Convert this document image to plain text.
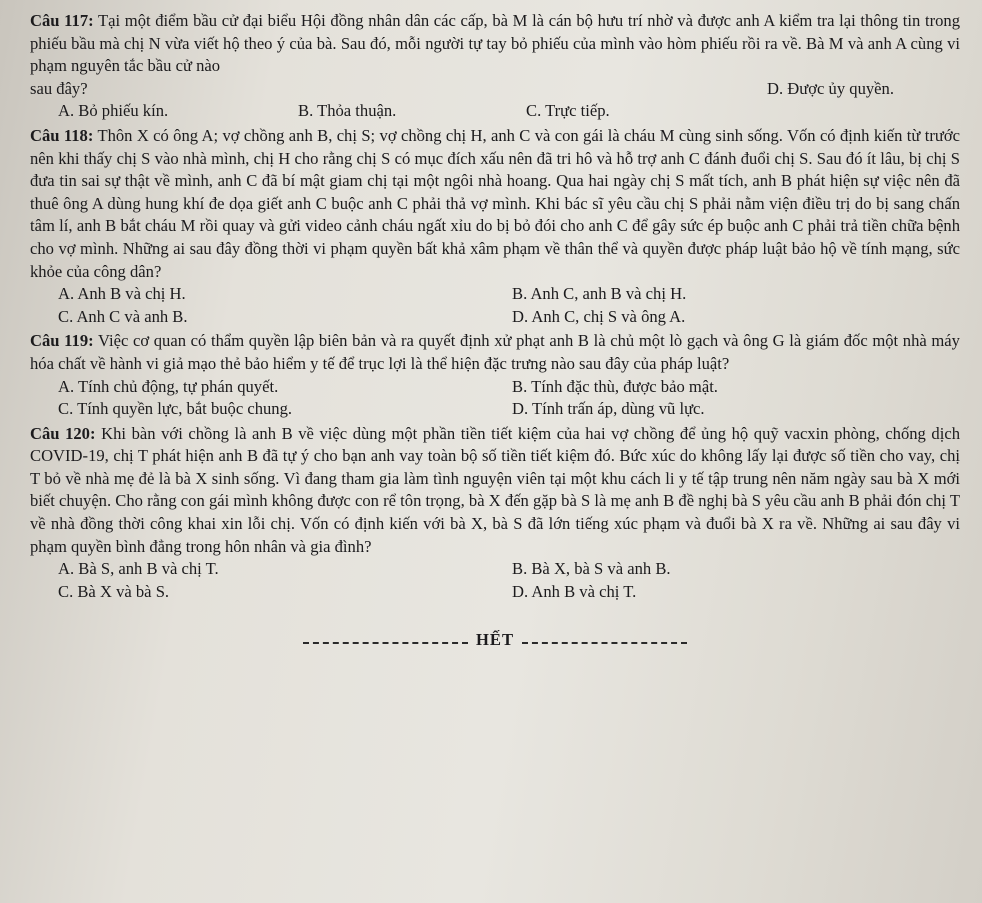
Câu 117: Tại một điểm bầu cử đại biểu Hội đồng nhân dân các cấp, bà M là cán bộ hưu trí nhờ và được anh A kiểm tra lại thông tin trong phiếu bầu mà chị N vừa viết hộ theo ý của bà. Sau đó, mỗi người tự tay bỏ phiếu của mình vào hòm phiếu rồi ra về. Bà M và anh A cùng vi phạm nguyên tắc bầu cử nào

sau đây?	D. Được ủy quyền.
A. Bỏ phiếu kín.	B. Thỏa thuận.	C. Trực tiếp.

Câu 118: Thôn X có ông A; vợ chồng anh B, chị S; vợ chồng chị H, anh C và con gái là cháu M cùng sinh sống. Vốn có định kiến từ trước nên khi thấy chị S vào nhà mình, chị H cho rằng chị S có mục đích xấu nên đã tri hô và hỗ trợ anh C đánh đuổi chị S. Sau đó ít lâu, bị chị S đưa tin sai sự thật về mình, anh C đã bí mật giam chị tại một ngôi nhà hoang. Qua hai ngày chị S mất tích, anh B phát hiện sự việc nên đã thuê ông A dùng hung khí đe dọa giết anh C buộc anh C phải thả vợ mình. Khi bác sĩ yêu cầu chị S phải nằm viện điều trị do bị sang chấn tâm lí, anh B bắt cháu M rồi quay và gửi video cảnh cháu ngất xỉu do bị bỏ đói cho anh C để gây sức ép buộc anh C phải trả tiền chữa bệnh cho vợ mình. Những ai sau đây đồng thời vi phạm quyền bất khả xâm phạm về thân thể và quyền được pháp luật bảo hộ về tính mạng, sức khỏe của công dân?

A. Anh B và chị H.	B. Anh C, anh B và chị H.
C. Anh C và anh B.	D. Anh C, chị S và ông A.

Câu 119: Việc cơ quan có thẩm quyền lập biên bản và ra quyết định xử phạt anh B là chủ một lò gạch và ông G là giám đốc một nhà máy hóa chất về hành vi giả mạo thẻ bảo hiểm y tế để trục lợi là thể hiện đặc trưng nào sau đây của pháp luật?

A. Tính chủ động, tự phán quyết.	B. Tính đặc thù, được bảo mật.
C. Tính quyền lực, bắt buộc chung.	D. Tính trấn áp, dùng vũ lực.

Câu 120: Khi bàn với chồng là anh B về việc dùng một phần tiền tiết kiệm của hai vợ chồng để ủng hộ quỹ vacxin phòng, chống dịch COVID-19, chị T phát hiện anh B đã tự ý cho bạn anh vay toàn bộ số tiền tiết kiệm đó. Bức xúc do không lấy lại được số tiền cho vay, chị T bỏ về nhà mẹ đẻ là bà X sinh sống. Vì đang tham gia làm tình nguyện viên tại một khu cách li y tế tập trung nên năm ngày sau bà X mới biết chuyện. Cho rằng con gái mình không được con rể tôn trọng, bà X đến gặp bà S là mẹ anh B đề nghị bà S yêu cầu anh B phải đón chị T về nhà đồng thời công khai xin lỗi chị. Vốn có định kiến với bà X, bà S đã lớn tiếng xúc phạm và đuổi bà X ra về. Những ai sau đây vi phạm quyền bình đẳng trong hôn nhân và gia đình?

A. Bà S, anh B và chị T.	B. Bà X, bà S và anh B.
C. Bà X và bà S.	D. Anh B và chị T.
HẾT
